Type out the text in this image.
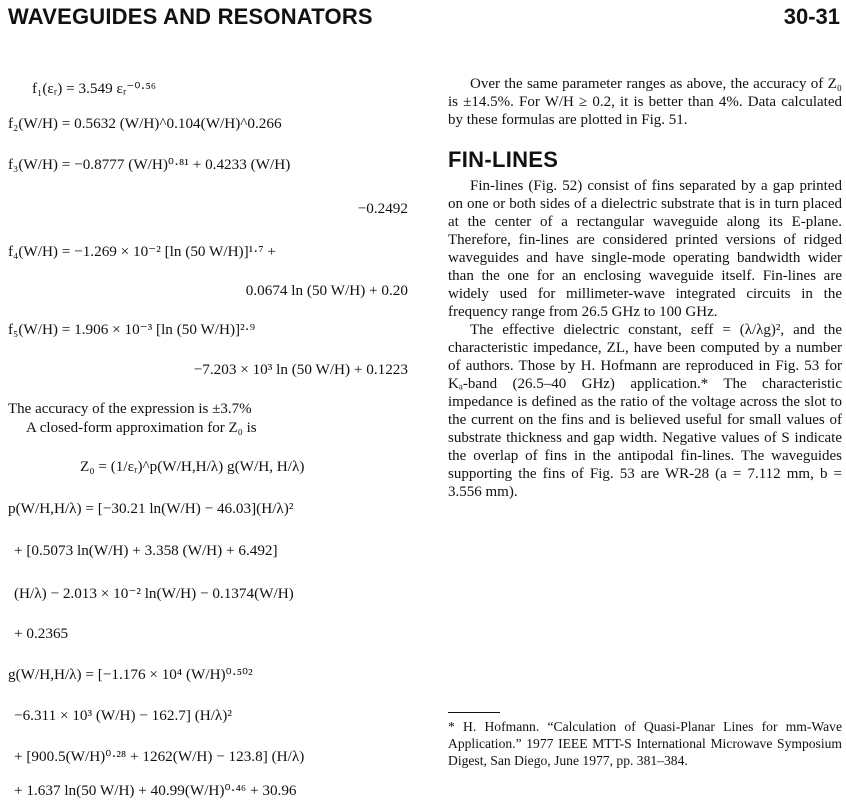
WAVEGUIDES AND RESONATORS	30-31
f₁(εᵣ) = 3.549 εᵣ⁻⁰·⁵⁶
f₂(W/H) = 0.5632 (W/H)^0.104(W/H)^0.266
f₃(W/H) = −0.8777 (W/H)⁰·⁸¹ + 0.4233 (W/H)
−0.2492
f₄(W/H) = −1.269 × 10⁻² [ln (50 W/H)]¹·⁷ +
0.0674 ln (50 W/H) + 0.20
f₅(W/H) = 1.906 × 10⁻³ [ln (50 W/H)]²·⁹
−7.203 × 10³ ln (50 W/H) + 0.1223
The accuracy of the expression is ±3.7%
A closed-form approximation for Z₀ is
Z₀ = (1/εᵣ)^p(W/H,H/λ) g(W/H, H/λ)
p(W/H,H/λ) = [−30.21 ln(W/H) − 46.03](H/λ)²
+ [0.5073 ln(W/H) + 3.358 (W/H) + 6.492]
(H/λ) − 2.013 × 10⁻² ln(W/H) − 0.1374(W/H)
+ 0.2365
g(W/H,H/λ) = [−1.176 × 10⁴ (W/H)⁰·⁵⁰²
−6.311 × 10³ (W/H) − 162.7] (H/λ)²
+ [900.5(W/H)⁰·²⁸ + 1262(W/H) − 123.8] (H/λ)
+ 1.637 ln(50 W/H) + 40.99(W/H)⁰·⁴⁶ + 30.96

Over the same parameter ranges as above, the accuracy of Z₀ is ±14.5%. For W/H ≥ 0.2, it is better than 4%. Data calculated by these formulas are plotted in Fig. 51.

FIN-LINES

Fin-lines (Fig. 52) consist of fins separated by a gap printed on one or both sides of a dielectric substrate that is in turn placed at the center of a rectangular waveguide along its E-plane. Therefore, fin-lines are considered printed versions of ridged waveguides and have single-mode operating bandwidth wider than the one for an enclosing waveguide itself. Fin-lines are widely used for millimeter-wave integrated circuits in the frequency range from 26.5 GHz to 100 GHz.

The effective dielectric constant, εeff = (λ/λg)², and the characteristic impedance, ZL, have been computed by a number of authors. Those by H. Hofmann are reproduced in Fig. 53 for Kₐ-band (26.5–40 GHz) application.* The characteristic impedance is defined as the ratio of the voltage across the slot to the current on the fins and is believed useful for small values of substrate thickness and gap width. Negative values of S indicate the overlap of fins in the antipodal fin-lines. The waveguides supporting the fins of Fig. 53 are WR-28 (a = 7.112 mm, b = 3.556 mm).

* H. Hofmann. “Calculation of Quasi-Planar Lines for mm-Wave Application.” 1977 IEEE MTT-S International Microwave Symposium Digest, San Diego, June 1977, pp. 381–384.
